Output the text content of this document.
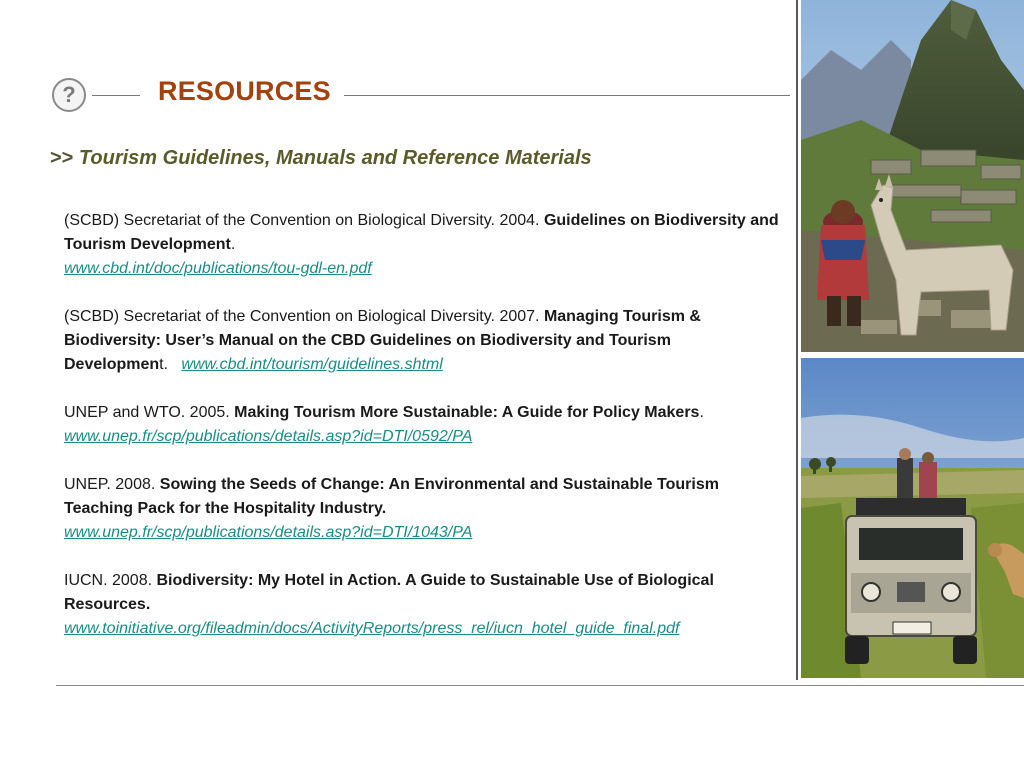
?	RESOURCES
>> Tourism Guidelines, Manuals and Reference Materials

(SCBD) Secretariat of the Convention on Biological Diversity. 2004. Guidelines on Biodiversity and Tourism Development.
www.cbd.int/doc/publications/tou-gdl-en.pdf

(SCBD) Secretariat of the Convention on Biological Diversity. 2007. Managing Tourism & Biodiversity: User’s Manual on the CBD Guidelines on Biodiversity and Tourism Development. www.cbd.int/tourism/guidelines.shtml

UNEP and WTO. 2005. Making Tourism More Sustainable: A Guide for Policy Makers.
www.unep.fr/scp/publications/details.asp?id=DTI/0592/PA

UNEP. 2008. Sowing the Seeds of Change: An Environmental and Sustainable Tourism Teaching Pack for the Hospitality Industry.
www.unep.fr/scp/publications/details.asp?id=DTI/1043/PA

IUCN. 2008. Biodiversity: My Hotel in Action. A Guide to Sustainable Use of Biological Resources.
www.toinitiative.org/fileadmin/docs/ActivityReports/press_rel/iucn_hotel_guide_final.pdf
